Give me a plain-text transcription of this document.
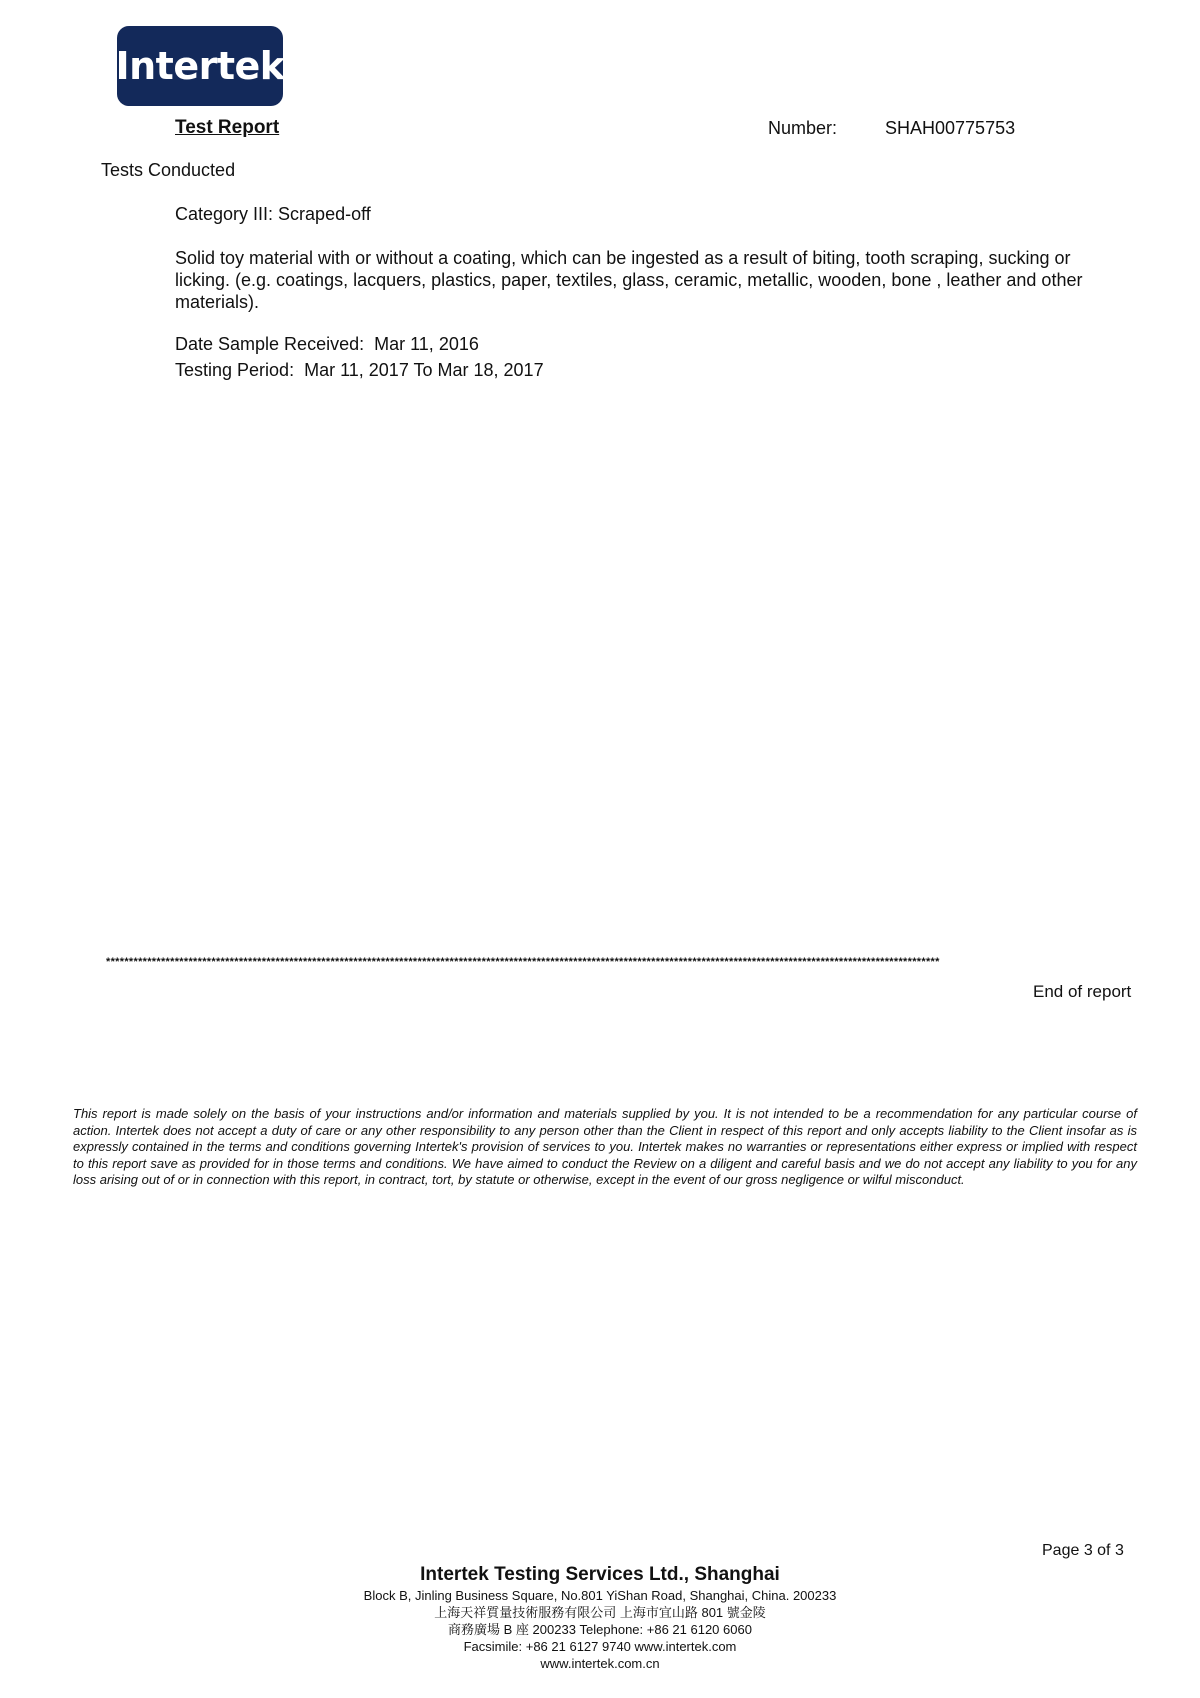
Intertek
Test Report	Number:	SHAH00775753
Tests Conducted
Category III: Scraped-off

Solid toy material with or without a coating, which can be ingested as a result of biting, tooth scraping, sucking or licking. (e.g. coatings, lacquers, plastics, paper, textiles, glass, ceramic, metallic, wooden, bone , leather and other materials).

Date Sample Received: Mar 11, 2016
Testing Period: Mar 11, 2017 To Mar 18, 2017
**************************************************************************************************************************************************************************************
End of report

This report is made solely on the basis of your instructions and/or information and materials supplied by you. It is not intended to be a recommendation for any particular course of action. Intertek does not accept a duty of care or any other responsibility to any person other than the Client in respect of this report and only accepts liability to the Client insofar as is expressly contained in the terms and conditions governing Intertek's provision of services to you. Intertek makes no warranties or representations either express or implied with respect to this report save as provided for in those terms and conditions. We have aimed to conduct the Review on a diligent and careful basis and we do not accept any liability to you for any loss arising out of or in connection with this report, in contract, tort, by statute or otherwise, except in the event of our gross negligence or wilful misconduct.

Page 3 of 3
Intertek Testing Services Ltd., Shanghai
Block B, Jinling Business Square, No.801 YiShan Road, Shanghai, China. 200233
上海天祥質量技術服務有限公司 上海市宜山路 801 號金陵
商務廣場 B 座 200233 Telephone: +86 21 6120 6060
Facsimile: +86 21 6127 9740 www.intertek.com
www.intertek.com.cn
